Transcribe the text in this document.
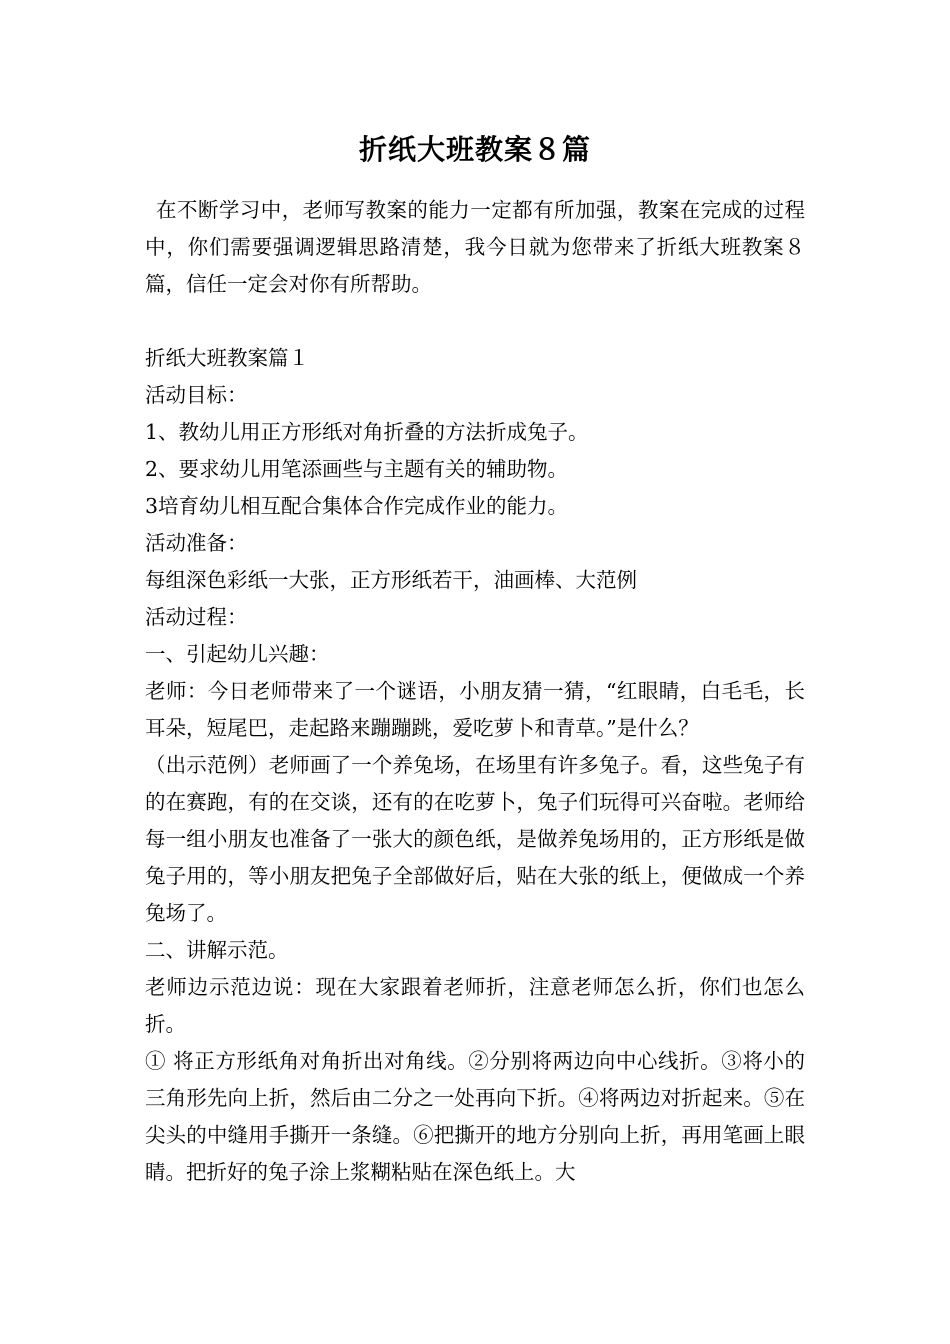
折纸大班教案８篇

在不断学习中，老师写教案的能力一定都有所加强，教案在完成的过程中，你们需要强调逻辑思路清楚，我今日就为您带来了折纸大班教案８篇，信任一定会对你有所帮助。

折纸大班教案篇１

活动目标：

1、教幼儿用正方形纸对角折叠的方法折成兔子。

2、要求幼儿用笔添画些与主题有关的辅助物。

3培育幼儿相互配合集体合作完成作业的能力。

活动准备：

每组深色彩纸一大张，正方形纸若干，油画棒、大范例

活动过程：

一、引起幼儿兴趣：

老师：今日老师带来了一个谜语，小朋友猜一猜，“红眼睛，白毛毛，长耳朵，短尾巴，走起路来蹦蹦跳，爱吃萝卜和青草。”是什么？

（出示范例）老师画了一个养兔场，在场里有许多兔子。看，这些兔子有的在赛跑，有的在交谈，还有的在吃萝卜，兔子们玩得可兴奋啦。老师给每一组小朋友也准备了一张大的颜色纸，是做养兔场用的，正方形纸是做兔子用的，等小朋友把兔子全部做好后，贴在大张的纸上，便做成一个养兔场了。

二、讲解示范。

老师边示范边说：现在大家跟着老师折，注意老师怎么折，你们也怎么折。

① 将正方形纸角对角折出对角线。②分别将两边向中心线折。③将小的三角形先向上折，然后由二分之一处再向下折。④将两边对折起来。⑤在尖头的中缝用手撕开一条缝。⑥把撕开的地方分别向上折，再用笔画上眼睛。把折好的兔子涂上浆糊粘贴在深色纸上。大
